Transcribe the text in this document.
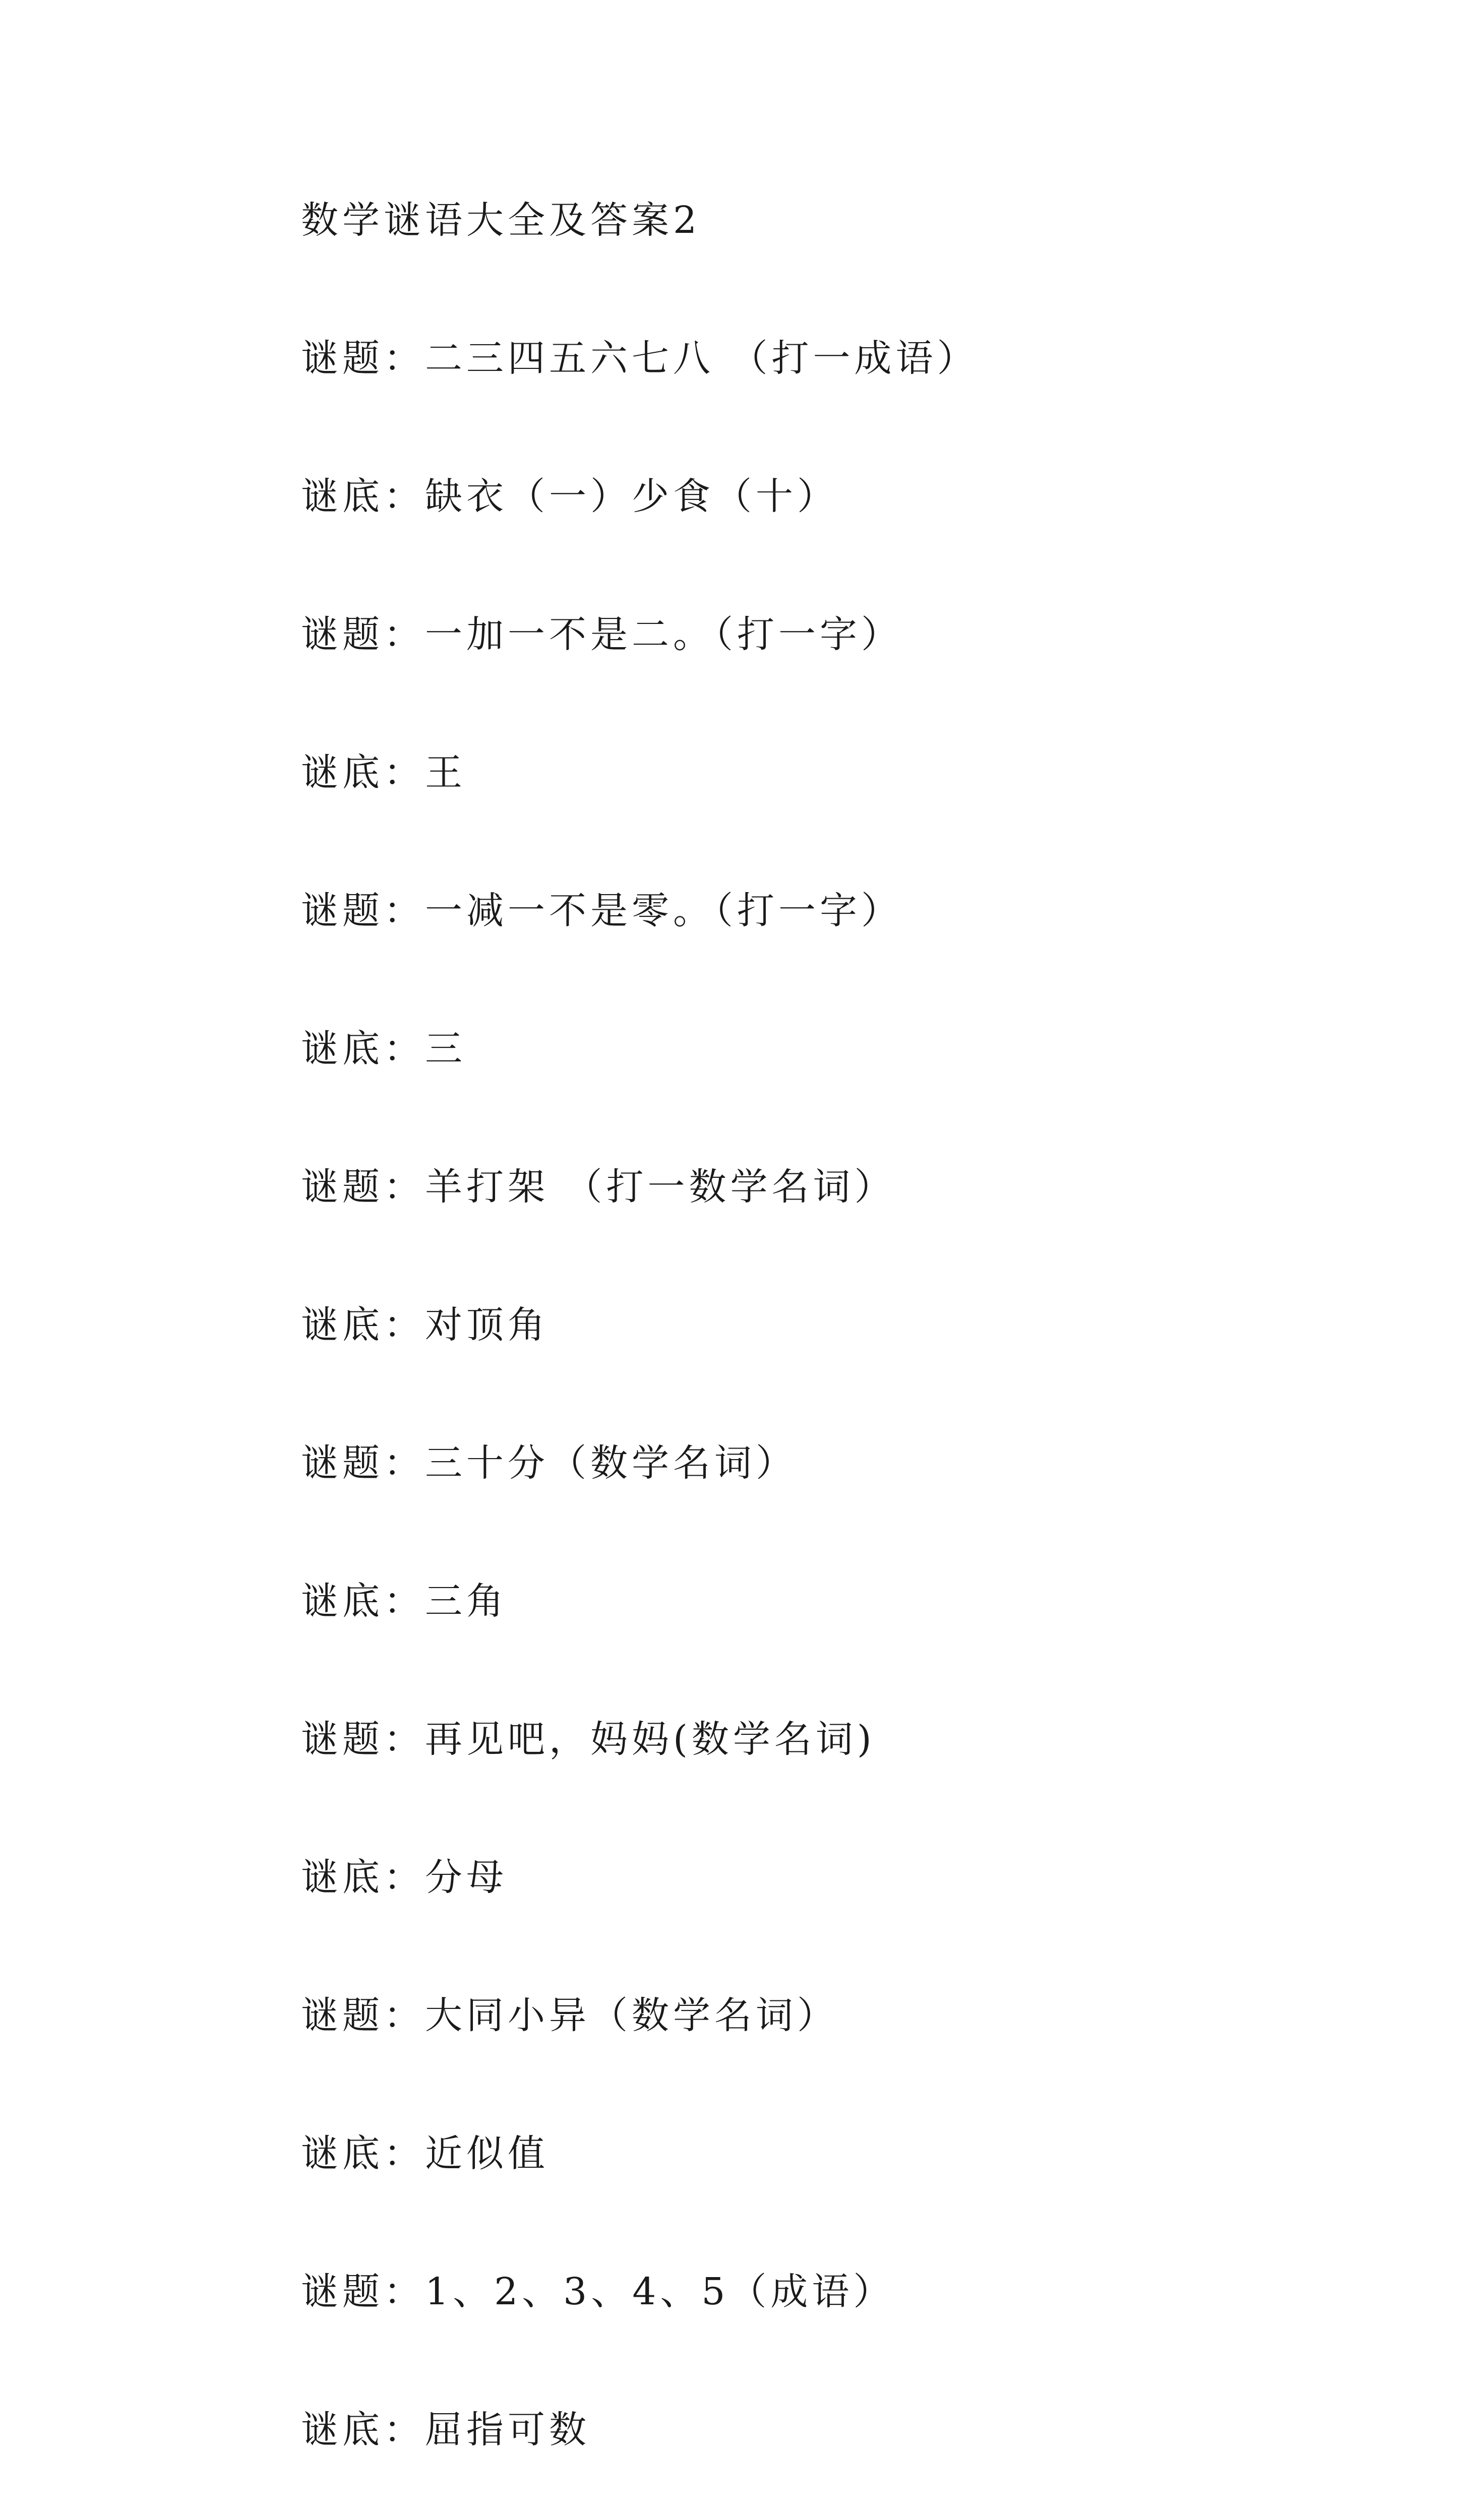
数学谜语大全及答案2
谜题：二三四五六七八 （打一成语）
谜底：缺衣（一）少食（十）
谜题：一加一不是二。（打一字）
谜底：王
谜题：一减一不是零。（打一字）
谜底：三
谜题：羊打架 （打一数学名词）
谜底：对顶角
谜题：三十分（数学名词）
谜底：三角
谜题：再见吧，妈妈(数学名词)
谜底：分母
谜题：大同小异（数学名词）
谜底：近似值
谜题：1、2、3、4、5（成语）
谜底：屈指可数
